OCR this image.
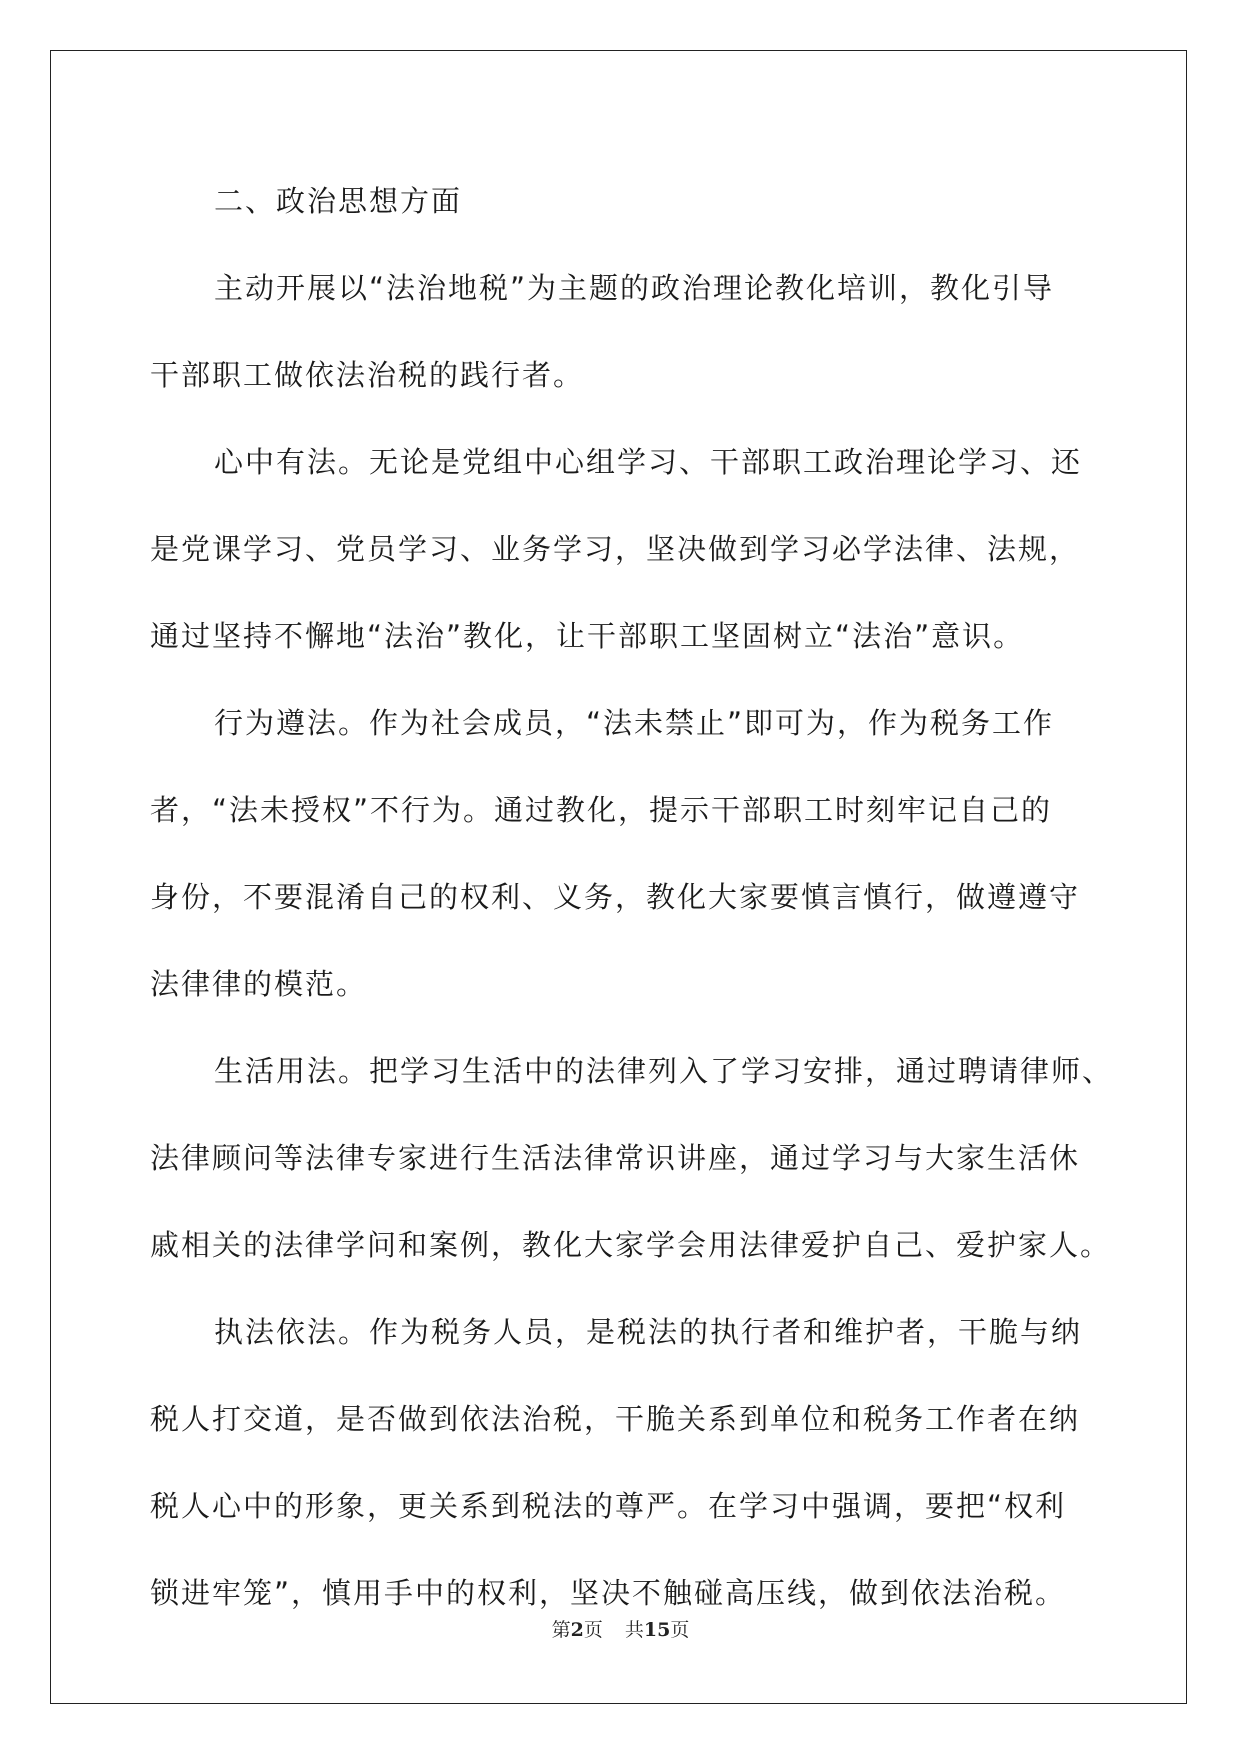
二、政治思想方面
主动开展以“法治地税”为主题的政治理论教化培训，教化引导
干部职工做依法治税的践行者。
心中有法。无论是党组中心组学习、干部职工政治理论学习、还
是党课学习、党员学习、业务学习，坚决做到学习必学法律、法规，
通过坚持不懈地“法治”教化，让干部职工坚固树立“法治”意识。
行为遵法。作为社会成员，“法未禁止”即可为，作为税务工作
者，“法未授权”不行为。通过教化，提示干部职工时刻牢记自己的
身份，不要混淆自己的权利、义务，教化大家要慎言慎行，做遵遵守
法律律的模范。
生活用法。把学习生活中的法律列入了学习安排，通过聘请律师、
法律顾问等法律专家进行生活法律常识讲座，通过学习与大家生活休
戚相关的法律学问和案例，教化大家学会用法律爱护自己、爱护家人。
执法依法。作为税务人员，是税法的执行者和维护者，干脆与纳
税人打交道，是否做到依法治税，干脆关系到单位和税务工作者在纳
税人心中的形象，更关系到税法的尊严。在学习中强调，要把“权利
锁进牢笼”，慎用手中的权利，坚决不触碰高压线，做到依法治税。
第2页 共15页
